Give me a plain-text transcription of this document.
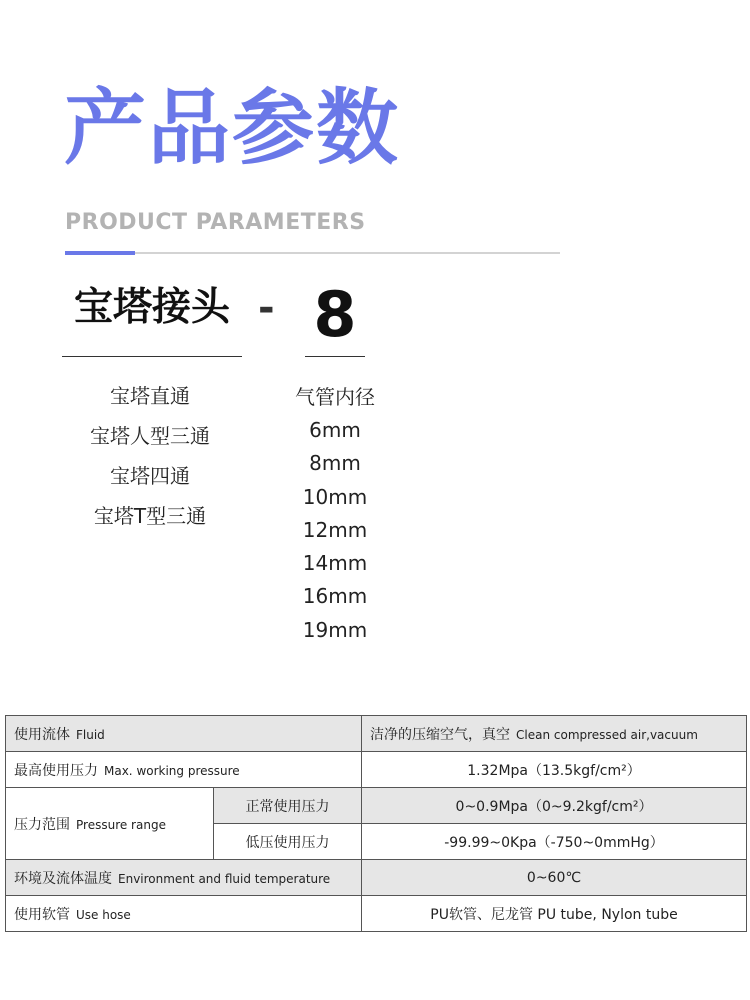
产品参数
PRODUCT PARAMETERS
宝塔接头 - 8
宝塔直通
宝塔人型三通
宝塔四通
宝塔T型三通
气管内径
6mm
8mm
10mm
12mm
14mm
16mm
19mm
使用流体 Fluid		洁净的压缩空气，真空 Clean compressed air,vacuum
最高使用压力 Max. working pressure		1.32Mpa（13.5kgf/cm²）
压力范围 Pressure range	正常使用压力	0~0.9Mpa（0~9.2kgf/cm²）
	低压使用压力	-99.99~0Kpa（-750~0mmHg）
环境及流体温度 Environment and fluid temperature		0~60℃
使用软管 Use hose		PU软管、尼龙管 PU tube, Nylon tube
